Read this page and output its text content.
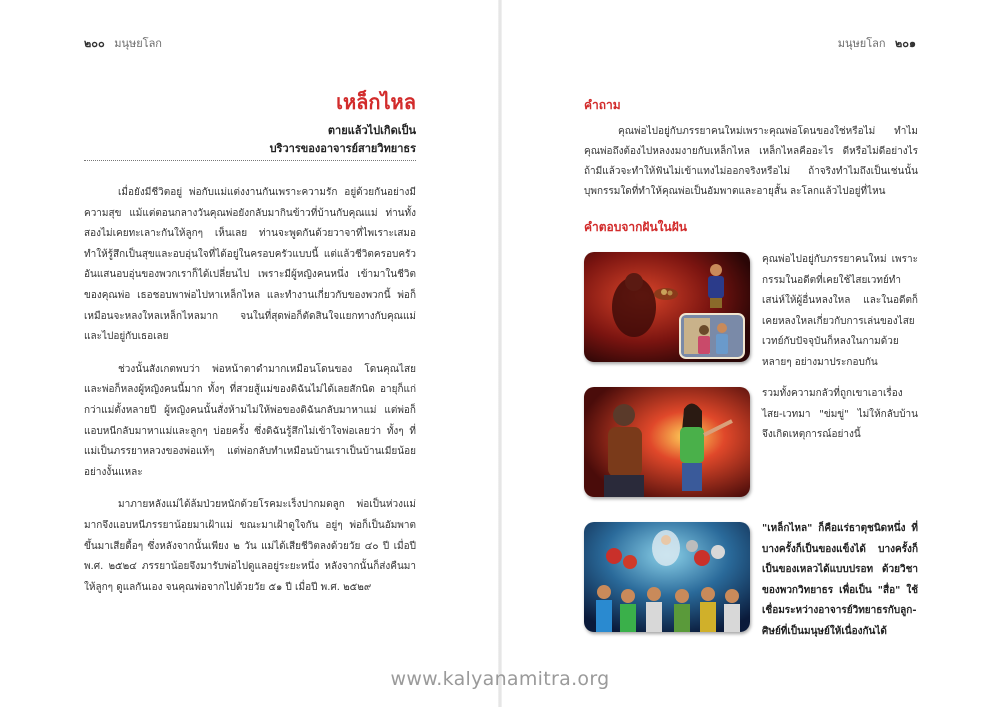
๒๐๐ มนุษยโลก
เหล็กไหล
ตายแล้วไปเกิดเป็น
บริวารของอาจารย์สายวิทยาธร

เมื่อยังมีชีวิตอยู่ พ่อกับแม่แต่งงานกันเพราะความรัก อยู่ด้วยกันอย่างมีความสุข แม้แต่ตอนกลางวันคุณพ่อยังกลับมากินข้าวที่บ้านกับคุณแม่ ท่านทั้งสองไม่เคยทะเลาะกันให้ลูกๆ เห็นเลย ท่านจะพูดกันด้วยวาจาที่ไพเราะเสมอ ทำให้รู้สึกเป็นสุขและอบอุ่นใจที่ได้อยู่ในครอบครัวแบบนี้ แต่แล้วชีวิตครอบครัวอันแสนอบอุ่นของพวกเราก็ได้เปลี่ยนไป เพราะมีผู้หญิงคนหนึ่ง เข้ามาในชีวิตของคุณพ่อ เธอชอบพาพ่อไปหาเหล็กไหล และทำงานเกี่ยวกับของพวกนี้ พ่อก็เหมือนจะหลงใหลเหล็กไหลมาก จนในที่สุดพ่อก็ตัดสินใจแยกทางกับคุณแม่ และไปอยู่กับเธอเลย

ช่วงนั้นสังเกตพบว่า พ่อหน้าตาดำมากเหมือนโดนของ โดนคุณไสย และพ่อก็หลงผู้หญิงคนนี้มาก ทั้งๆ ที่สวยสู้แม่ของดิฉันไม่ได้เลยสักนิด อายุก็แก่กว่าแม่ตั้งหลายปี ผู้หญิงคนนั้นสั่งห้ามไม่ให้พ่อของดิฉันกลับมาหาแม่ แต่พ่อก็แอบหนีกลับมาหาแม่และลูกๆ บ่อยครั้ง ซึ่งดิฉันรู้สึกไม่เข้าใจพ่อเลยว่า ทั้งๆ ที่แม่เป็นภรรยาหลวงของพ่อแท้ๆ แต่พ่อกลับทำเหมือนบ้านเราเป็นบ้านเมียน้อย อย่างงั้นแหละ

มาภายหลังแม่ได้ล้มป่วยหนักด้วยโรคมะเร็งปากมดลูก พ่อเป็นห่วงแม่มากจึงแอบหนีภรรยาน้อยมาเฝ้าแม่ ขณะมาเฝ้าดูใจกัน อยู่ๆ พ่อก็เป็นอัมพาตขึ้นมาเสียดื้อๆ ซึ่งหลังจากนั้นเพียง ๒ วัน แม่ได้เสียชีวิตลงด้วยวัย ๔๐ ปี เมื่อปี พ.ศ. ๒๕๒๔ ภรรยาน้อยจึงมารับพ่อไปดูแลอยู่ระยะหนึ่ง หลังจากนั้นก็ส่งคืนมาให้ลูกๆ ดูแลกันเอง จนคุณพ่อจากไปด้วยวัย ๕๑ ปี เมื่อปี พ.ศ. ๒๕๒๙

มนุษยโลก ๒๐๑
คำถาม

คุณพ่อไปอยู่กับภรรยาคนใหม่เพราะคุณพ่อโดนของใช่หรือไม่ ทำไมคุณพ่อถึงต้องไปหลงงมงายกับเหล็กไหล เหล็กไหลคืออะไร ดีหรือไม่ดีอย่างไร ถ้ามีแล้วจะทำให้ฟันไม่เข้าแทงไม่ออกจริงหรือไม่ ถ้าจริงทำไมถึงเป็นเช่นนั้น บุพกรรมใดที่ทำให้คุณพ่อเป็นอัมพาตและอายุสั้น ละโลกแล้วไปอยู่ที่ไหน

คำตอบจากฝันในฝัน
คุณพ่อไปอยู่กับภรรยาคนใหม่ เพราะกรรมในอดีตที่เคยใช้ไสยเวทย์ทำเสน่ห์ให้ผู้อื่นหลงใหล และในอดีตก็เคยหลงใหลเกี่ยวกับการเล่นของไสยเวทย์กับปัจจุบันก็หลงในกามด้วย หลายๆ อย่างมาประกอบกัน
รวมทั้งความกลัวที่ถูกเขาเอาเรื่องไสย-เวทมา "ข่มขู่" ไม่ให้กลับบ้าน จึงเกิดเหตุการณ์อย่างนี้
"เหล็กไหล" ก็คือแร่ธาตุชนิดหนึ่ง ที่บางครั้งก็เป็นของแข็งได้ บางครั้งก็เป็นของเหลวได้แบบปรอท ด้วยวิชาของพวกวิทยาธร เพื่อเป็น "สื่อ" ใช้เชื่อมระหว่างอาจารย์วิทยาธรกับลูก-ศิษย์ที่เป็นมนุษย์ให้เนื่องกันได้
www.kalyanamitra.org
